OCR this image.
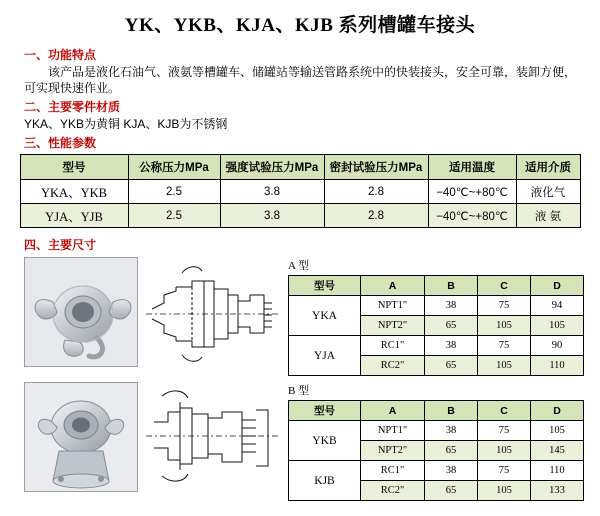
YK、YKB、KJA、KJB 系列槽罐车接头
一、功能特点
该产品是液化石油气、液氨等槽罐车、储罐站等输送管路系统中的快装接头，安全可靠，装卸方便，可实现快速作业。
二、主要零件材质
YKA、YKB为黄铜 KJA、KJB为不锈钢
三、性能参数
型号	公称压力MPa	强度试验压力MPa	密封试验压力MPa	适用温度	适用介质
YKA、YKB	2.5	3.8	2.8	−40℃~+80℃	液化气
YJA、YJB	2.5	3.8	2.8	−40℃~+80℃	液 氨
四、主要尺寸
A 型
型号	A	B	C	D
YKA	NPT1"	38	75	94
	NPT2"	65	105	105
YJA	RC1"	38	75	90
	RC2"	65	105	110
B 型
型号	A	B	C	D
YKB	NPT1"	38	75	105
	NPT2"	65	105	145
KJB	RC1"	38	75	110
	RC2"	65	105	133
